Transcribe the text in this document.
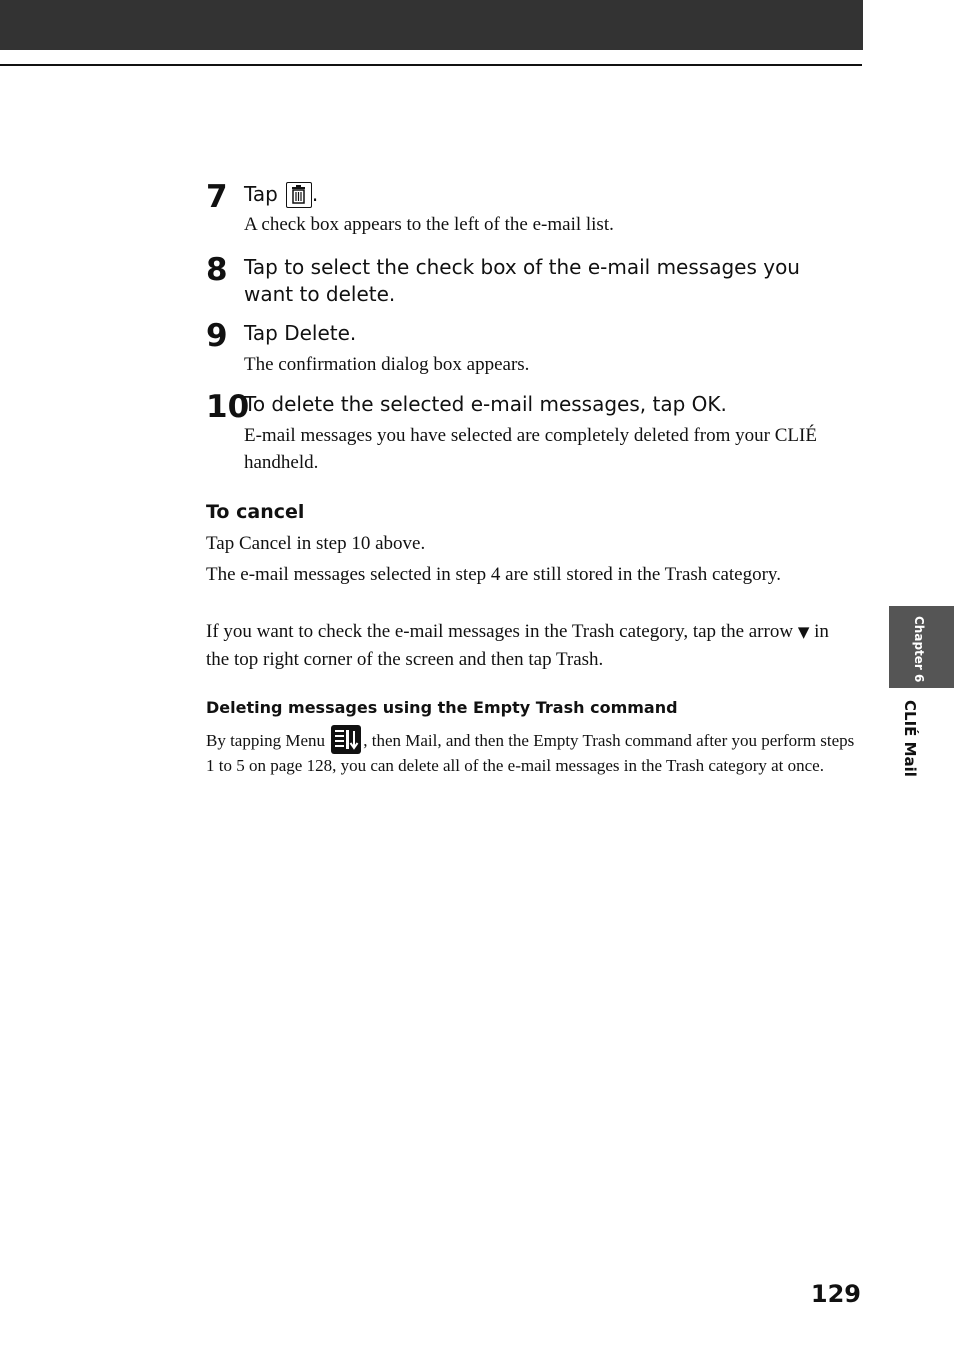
7 Tap .
A check box appears to the left of the e-mail list.
8 Tap to select the check box of the e-mail messages you want to delete.
9 Tap Delete.
The confirmation dialog box appears.
10
To delete the selected e-mail messages, tap OK.
E-mail messages you have selected are completely deleted from your CLIÉ handheld.
To cancel
Tap Cancel in step 10 above.
The e-mail messages selected in step 4 are still stored in the Trash category.
If you want to check the e-mail messages in the Trash category, tap the arrow ▼ in the top right corner of the screen and then tap Trash.
Deleting messages using the Empty Trash command
By tapping Menu
, then Mail, and then the Empty Trash command after you perform steps 1 to 5 on page 128, you can delete all of the e-mail messages in the Trash category at once.
Chapter 6
CLIÉ Mail
129
